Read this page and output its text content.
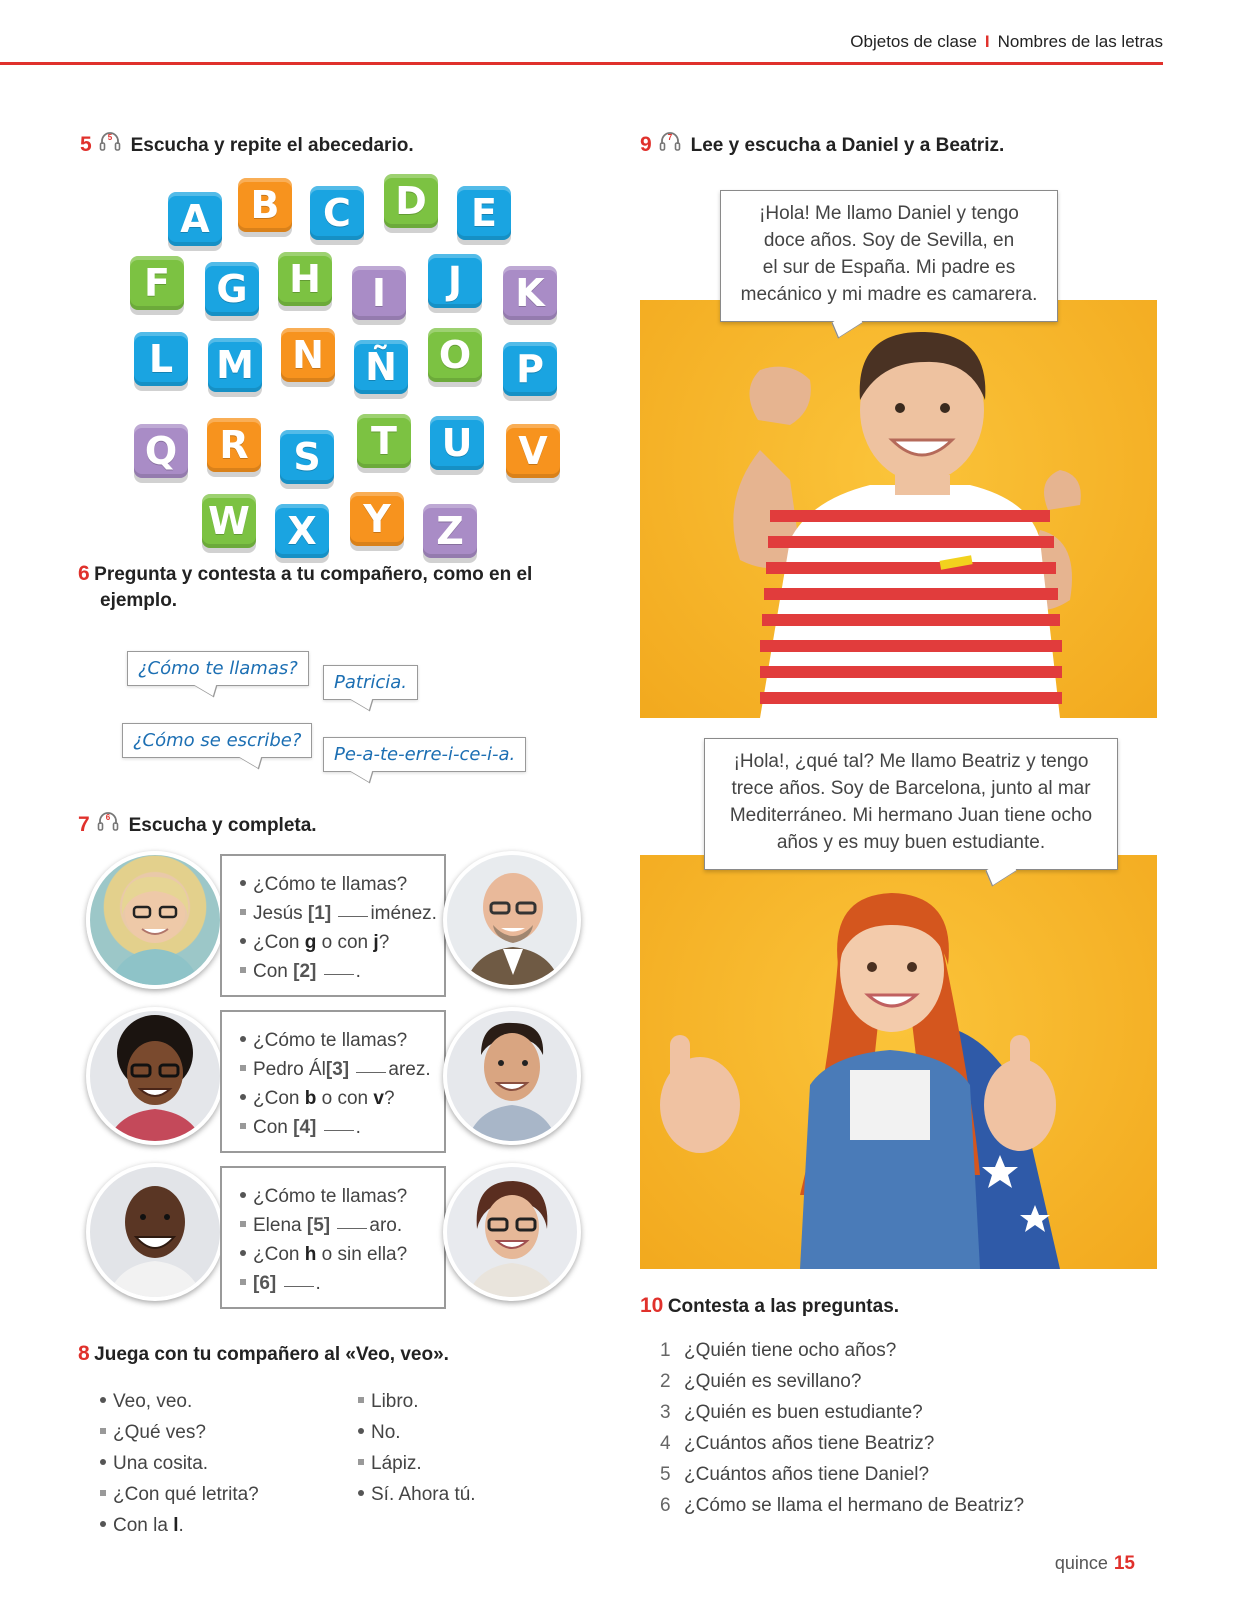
Objetos de clase I Nombres de las letras
5 5 Escucha y repite el abecedario.
A	B	C	D	E
F	G	H	I	J	K
L	M N Ñ O	P
Q	R	S	T	U	V
W X	Y	Z
6 Pregunta y contesta a tu compañero, como en el
ejemplo.
¿Cómo te llamas?
Patricia.
¿Cómo se escribe?
Pe-a-te-erre-i-ce-i-a.
7 6 Escucha y completa.
¿Cómo te llamas?
Jesús [1] iménez.
¿Con g o con j?
Con [2] .
¿Cómo te llamas?
Pedro Ál[3] arez.
¿Con b o con v?
Con [4] .
¿Cómo te llamas?
Elena [5] aro.
¿Con h o sin ella?
[6] .
8 Juega con tu compañero al «Veo, veo».
Veo, veo.
¿Qué ves?
Una cosita.
¿Con qué letrita?
Con la l.
Libro.
No.
Lápiz.
Sí. Ahora tú.
9 7 Lee y escucha a Daniel y a Beatriz.
¡Hola! Me llamo Daniel y tengo
doce años. Soy de Sevilla, en
el sur de España. Mi padre es
mecánico y mi madre es camarera.
¡Hola!, ¿qué tal? Me llamo Beatriz y tengo
trece años. Soy de Barcelona, junto al mar
Mediterráneo. Mi hermano Juan tiene ocho
años y es muy buen estudiante.
10 Contesta a las preguntas.
1 ¿Quién tiene ocho años?
2 ¿Quién es sevillano?
3 ¿Quién es buen estudiante?
4 ¿Cuántos años tiene Beatriz?
5 ¿Cuántos años tiene Daniel?
6 ¿Cómo se llama el hermano de Beatriz?
quince 15
